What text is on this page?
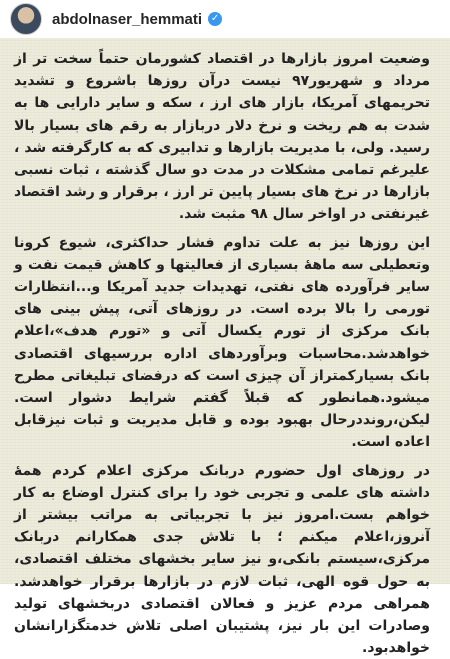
abdolnaser_hemmati ✓

وضعیت امروز بازارها در اقتصاد کشورمان حتماً سخت تر از مرداد و شهریور۹۷ نیست درآن روزها باشروع و تشدید تحریمهای آمریکا، بازار های ارز ، سکه و سایر دارایی ها به شدت به هم ریخت و نرخ دلار دربازار به رقم های بسیار بالا رسید. ولی، با مدیریت بازارها و تدابیری که به کارگرفته شد ، علیرغم تمامی مشکلات در مدت دو سال گذشته ، ثبات نسبی بازارها در نرخ های بسیار پایین تر ارز ، برقرار و رشد اقتصاد غیرنفتی در اواخر سال ۹۸ مثبت شد.

این روزها نیز به علت تداوم فشار حداکثری، شیوع کرونا وتعطیلی سه ماهۀ بسیاری از فعالیتها و کاهش قیمت نفت و سایر فرآورده های نفتی، تهدیدات جدید آمریکا و...انتظارات تورمی را بالا برده است. در روزهای آتی، پیش بینی های بانک مرکزی از تورم یکسال آتی و «تورم هدف»،اعلام خواهدشد.محاسبات وبرآوردهای اداره بررسیهای اقتصادی بانک بسیارکمتراز آن چیزی است که درفضای تبلیغاتی مطرح میشود.همانطور که قبلاً گفتم شرایط دشوار است. لیکن،رونددرحال بهبود بوده و قابل مدیریت و ثبات نیزقابل اعاده است.

در روزهای اول حضورم دربانک مرکزی اعلام کردم همۀ داشته های علمی و تجربی خود را برای کنترل اوضاع به کار خواهم بست.امروز نیز با تجربیاتی به مراتب بیشتر از آنروز،اعلام میکنم ؛ با تلاش جدی همکارانم دربانک مرکزی،سیستم بانکی،و نیز سایر بخشهای مختلف اقتصادی، به حول قوه الهی، ثبات لازم در بازارها برقرار خواهدشد. همراهی مردم عزیز و فعالان اقتصادی دربخشهای تولید وصادرات این بار نیز، پشتیبان اصلی تلاش خدمتگزارانشان خواهدبود.
